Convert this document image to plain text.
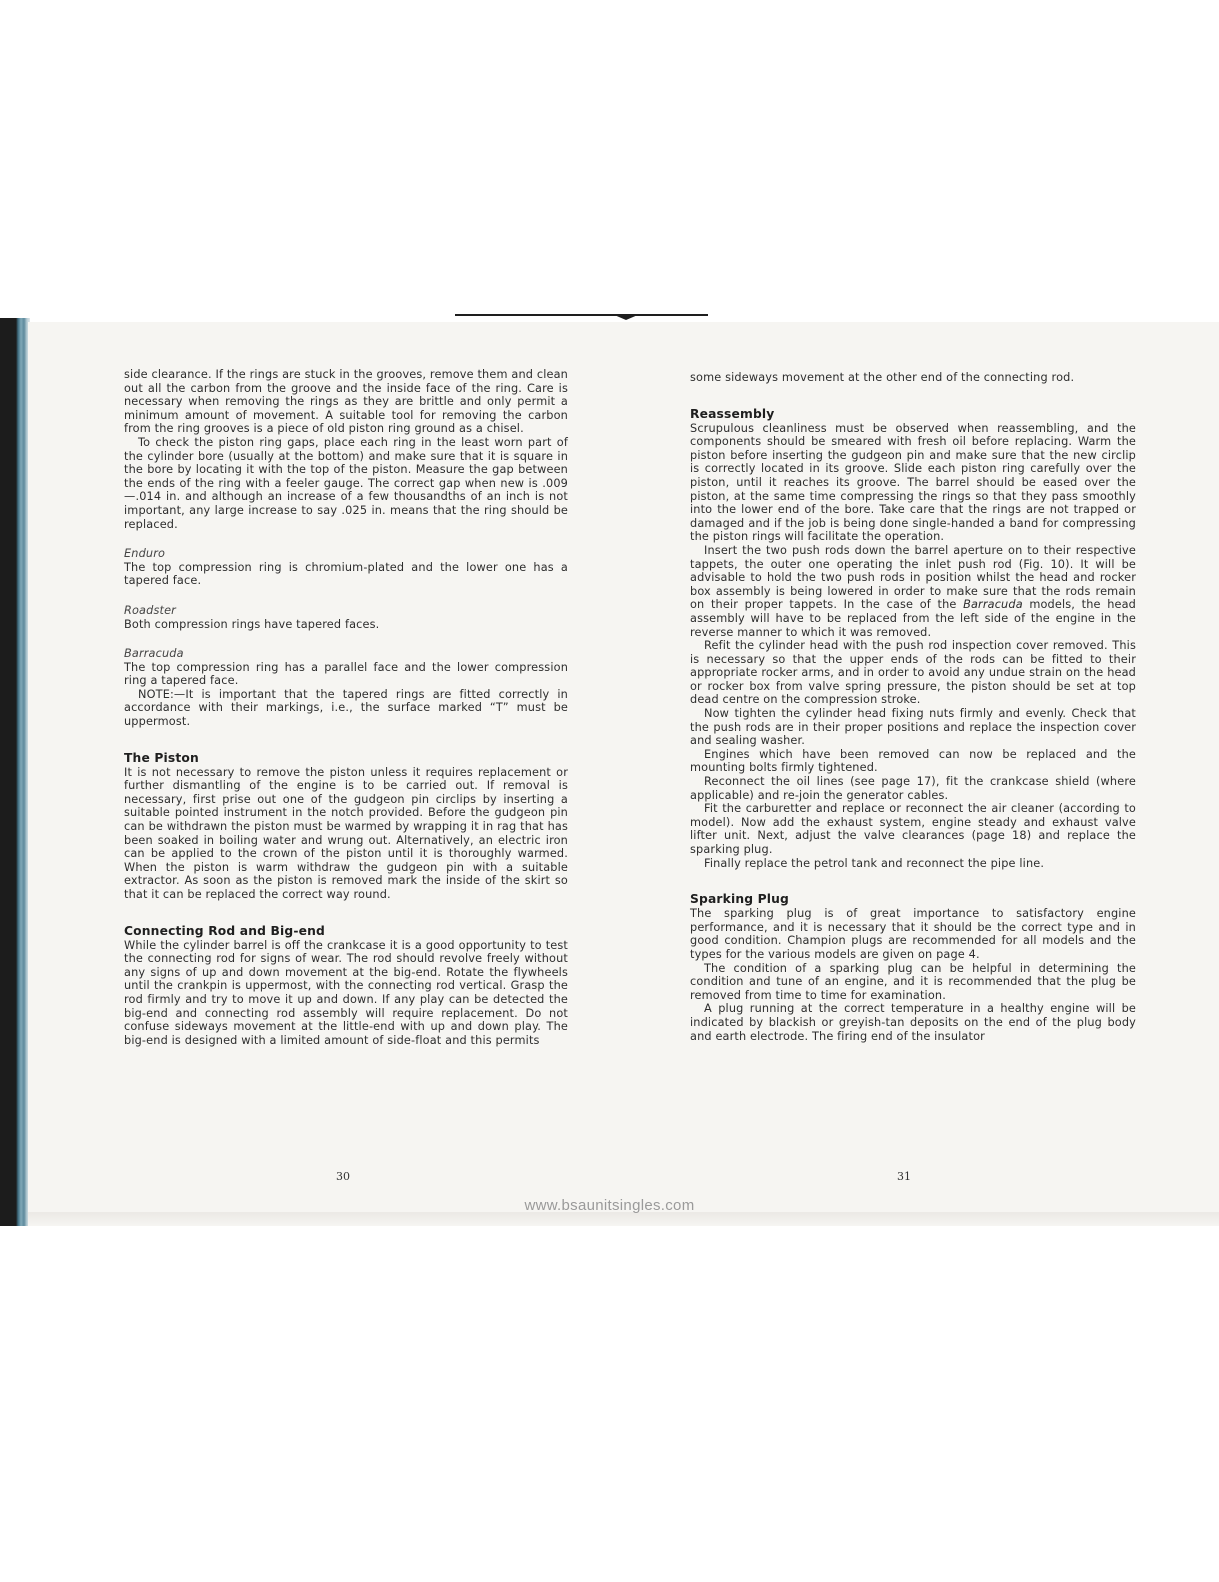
side clearance. If the rings are stuck in the grooves, remove them and clean out all the carbon from the groove and the inside face of the ring. Care is necessary when removing the rings as they are brittle and only permit a minimum amount of movement. A suitable tool for removing the carbon from the ring grooves is a piece of old piston ring ground as a chisel.

To check the piston ring gaps, place each ring in the least worn part of the cylinder bore (usually at the bottom) and make sure that it is square in the bore by locating it with the top of the piston. Measure the gap between the ends of the ring with a feeler gauge. The correct gap when new is .009—.014 in. and although an increase of a few thousandths of an inch is not important, any large increase to say .025 in. means that the ring should be replaced.

Enduro

The top compression ring is chromium-plated and the lower one has a tapered face.

Roadster

Both compression rings have tapered faces.

Barracuda

The top compression ring has a parallel face and the lower compression ring a tapered face.

NOTE:—It is important that the tapered rings are fitted correctly in accordance with their markings, i.e., the surface marked “T” must be uppermost.

The Piston

It is not necessary to remove the piston unless it requires replacement or further dismantling of the engine is to be carried out. If removal is necessary, first prise out one of the gudgeon pin circlips by inserting a suitable pointed instrument in the notch provided. Before the gudgeon pin can be withdrawn the piston must be warmed by wrapping it in rag that has been soaked in boiling water and wrung out. Alternatively, an electric iron can be applied to the crown of the piston until it is thoroughly warmed. When the piston is warm withdraw the gudgeon pin with a suitable extractor. As soon as the piston is removed mark the inside of the skirt so that it can be replaced the correct way round.

Connecting Rod and Big-end

While the cylinder barrel is off the crankcase it is a good opportunity to test the connecting rod for signs of wear. The rod should revolve freely without any signs of up and down movement at the big-end. Rotate the flywheels until the crankpin is uppermost, with the connecting rod vertical. Grasp the rod firmly and try to move it up and down. If any play can be detected the big-end and connecting rod assembly will require replacement. Do not confuse sideways movement at the little-end with up and down play. The big-end is designed with a limited amount of side-float and this permits

some sideways movement at the other end of the connecting rod.

Reassembly

Scrupulous cleanliness must be observed when reassembling, and the components should be smeared with fresh oil before replacing. Warm the piston before inserting the gudgeon pin and make sure that the new circlip is correctly located in its groove. Slide each piston ring carefully over the piston, until it reaches its groove. The barrel should be eased over the piston, at the same time compressing the rings so that they pass smoothly into the lower end of the bore. Take care that the rings are not trapped or damaged and if the job is being done single-handed a band for compressing the piston rings will facilitate the operation.

Insert the two push rods down the barrel aperture on to their respective tappets, the outer one operating the inlet push rod (Fig. 10). It will be advisable to hold the two push rods in position whilst the head and rocker box assembly is being lowered in order to make sure that the rods remain on their proper tappets. In the case of the Barracuda models, the head assembly will have to be replaced from the left side of the engine in the reverse manner to which it was removed.

Refit the cylinder head with the push rod inspection cover removed. This is necessary so that the upper ends of the rods can be fitted to their appropriate rocker arms, and in order to avoid any undue strain on the head or rocker box from valve spring pressure, the piston should be set at top dead centre on the compression stroke.

Now tighten the cylinder head fixing nuts firmly and evenly. Check that the push rods are in their proper positions and replace the inspection cover and sealing washer.

Engines which have been removed can now be replaced and the mounting bolts firmly tightened.

Reconnect the oil lines (see page 17), fit the crankcase shield (where applicable) and re-join the generator cables.

Fit the carburetter and replace or reconnect the air cleaner (according to model). Now add the exhaust system, engine steady and exhaust valve lifter unit. Next, adjust the valve clearances (page 18) and replace the sparking plug.

Finally replace the petrol tank and reconnect the pipe line.

Sparking Plug

The sparking plug is of great importance to satisfactory engine performance, and it is necessary that it should be the correct type and in good condition. Champion plugs are recommended for all models and the types for the various models are given on page 4.

The condition of a sparking plug can be helpful in determining the condition and tune of an engine, and it is recommended that the plug be removed from time to time for examination.

A plug running at the correct temperature in a healthy engine will be indicated by blackish or greyish-tan deposits on the end of the plug body and earth electrode. The firing end of the insulator

30	31
www.bsaunitsingles.com
